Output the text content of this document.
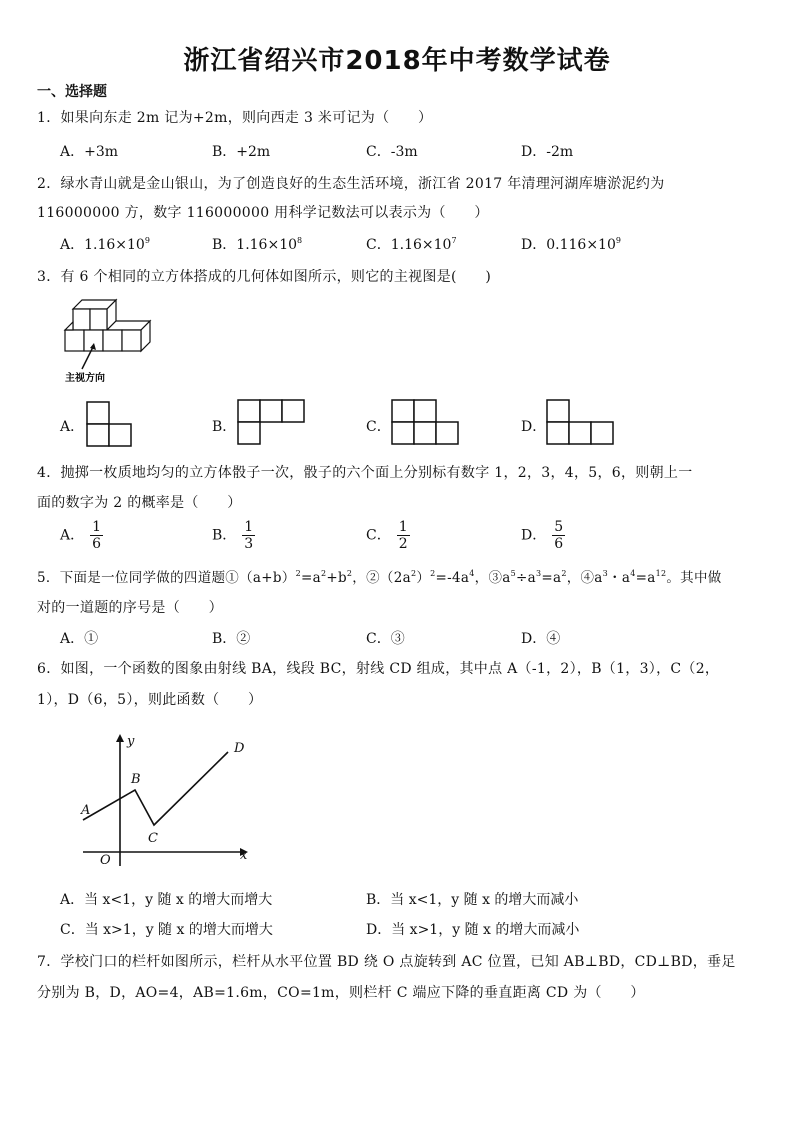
浙江省绍兴市2018年中考数学试卷
一、选择题
1．如果向东走 2m 记为+2m，则向西走 3 米可记为（　　）
A．+3m	B．+2m	C．-3m	D．-2m
2．绿水青山就是金山银山，为了创造良好的生态生活环境，浙江省 2017 年清理河湖库塘淤泥约为
116000000 方，数字 116000000 用科学记数法可以表示为（　　）
A．$1.16\times 10^9$	B．$1.16\times 10^8$	C．$1.16\times 10^7$	D．$0.116\times 10^9$
3．有 6 个相同的立方体搭成的几何体如图所示，则它的主视图是(　　)
主视方向
A．	B．	C．	D．
4．抛掷一枚质地均匀的立方体骰子一次，骰子的六个面上分别标有数字 1，2，3，4，5，6，则朝上一
面的数字为 2 的概率是（　　）
A． $\frac{1}{6}$	B． $\frac{1}{3}$	C． $\frac{1}{2}$	D． $\frac{5}{6}$
5．下面是一位同学做的四道题$①(a+b)^2=a^2+b^2$，$②(2a^2)^2=-4a^4$，$③a^5\div a^3=a^2$，$④a^3$・$a^4=a^{12}$。其中做
对的一道题的序号是（　　）
A．①	B．②	C．③	D．④
6．如图，一个函数的图象由射线 BA，线段 BC，射线 CD 组成，其中点 A（-1，2），B（1，3），C（2，
1），D（6，5），则此函数（　　）
y
x
O
A
B
C
D
A．当 x<1，y 随 x 的增大而增大	B．当 x<1，y 随 x 的增大而减小
C．当 x>1，y 随 x 的增大而增大	D．当 x>1，y 随 x 的增大而减小
7．学校门口的栏杆如图所示，栏杆从水平位置 BD 绕 O 点旋转到 AC 位置，已知 AB⊥BD，CD⊥BD，垂足
分别为 B，D，AO=4，AB=1.6m，CO=1m，则栏杆 C 端应下降的垂直距离 CD 为（　　）
